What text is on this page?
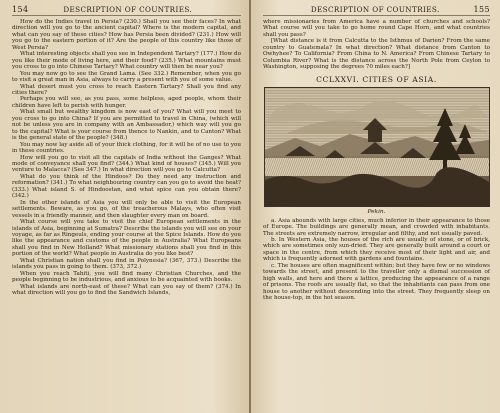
154	DESCRIPTION OF COUNTRIES.

How do the Indies travel in Persia? (230.) Shall you see their faces? In what direction will you go to the ancient capital? Where is the modern capital, and what can you say of these cities? How has Persia been divided? (231.) How will you go to the eastern portion of it? Are the people of this country like those of West Persia?

What interesting objects shall you see in Independent Tartary? (177.) How do you like their mode of living here, and their food? (235.) What mountains must you cross to go into Chinese Tartary? What country will then be near you?

You may now go to see the Grand Lama. (See 332.) Remember, when you go to visit a great man in Asia, always to carry a present with you of some value.

What desert must you cross to reach Eastern Tartary? Shall you find any cities there?

Perhaps you will see, as you pass, some helpless, aged people, whom their children have left to perish with hunger.

What small but wealthy kingdom is now east of you? What will you meet to you cross to go into China? If you are permitted to travel in China, (which will not be unless you are in company with an Ambassador,) which way will you go to the capital? What is your course from thence to Nankin, and to Canton? What is the general state of the people? (348.)

You may now lay aside all of your thick clothing, for it will be of no use to you in these countries.

How will you go to visit all the capitals of India without the Ganges? What mode of conveyance shall you find? (344.) What kind of houses? (345.) Will you venture to Malacca? (See 347.) In what direction will you go to Calcutta?

What do you think of the Hindoos? Do they need any instruction and reformation? (341.) To what neighbouring country can you go to avoid the heat? (333.) What island S. of Hindoostan, and what spice can you obtain there? (342.)

In the other islands of Asia you will only be able to visit the European settlements. Beware, as you go, of the treacherous Malays, who often visit vessels in a friendly manner, and then slaughter every man on board.

What course will you take to visit the chief European settlements in the islands of Asia, beginning at Sumatra? Describe the islands you will see on your voyage, as far as Ringeuls, ending your course at the Spice Islands. How do you like the appearance and customs of the people in Australia? What Europeans shall you find in New Holland? What missionary stations shall you find in this portion of the world? What people in Australia do you like best?

What Christian nation shall you find in Polynesia? (367, 373.) Describe the islands you pass in going to them. (373, 372.)

When you reach Tahiti, you will find many Christian Churches, and the people beginning to be industrious, and anxious to be acquainted with books.

What islands are north-east of these? What can you say of them? (374.) In what direction will you go to find the Sandwich Islands,

DESCRIPTION OF COUNTRIES.	155

where missionaries from America have a number of churches and schools? What course will you take to go home round Cape Horn, and what countries shall you pass?

[What distance is it from Calcutta to the Isthmus of Darien? From the same country to Guatemala? In what direction? What distance from Canton to Owhyhee? To California? From China to N. America? From Chinese Tartary to Columbia River? What is the distance across the North Pole from Ceylon to Washington, supposing the degrees 70 miles each?]

CCLXXVI. CITIES OF ASIA.
Pekin.

a. Asia abounds with large cities, much inferior in their appearance to those of Europe. The buildings are generally mean, and crowded with inhabitants. The streets are extremely narrow, irregular and filthy, and not usually paved.

b. In Western Asia, the houses of the rich are usually of stone, or of brick, which are sometimes only sun-dried. They are generally built around a court or space in the centre, from which they receive most of their light and air, and which is frequently adorned with gardens and fountains.

c. The houses are often magnificent within; but they have few or no windows towards the street, and present to the traveller only a dismal succession of high walls, and here and there a lattice, producing the appearance of a range of prisons. The roofs are usually flat, so that the inhabitants can pass from one house to another without descending into the street. They frequently sleep on the house-top, in the hot season.
